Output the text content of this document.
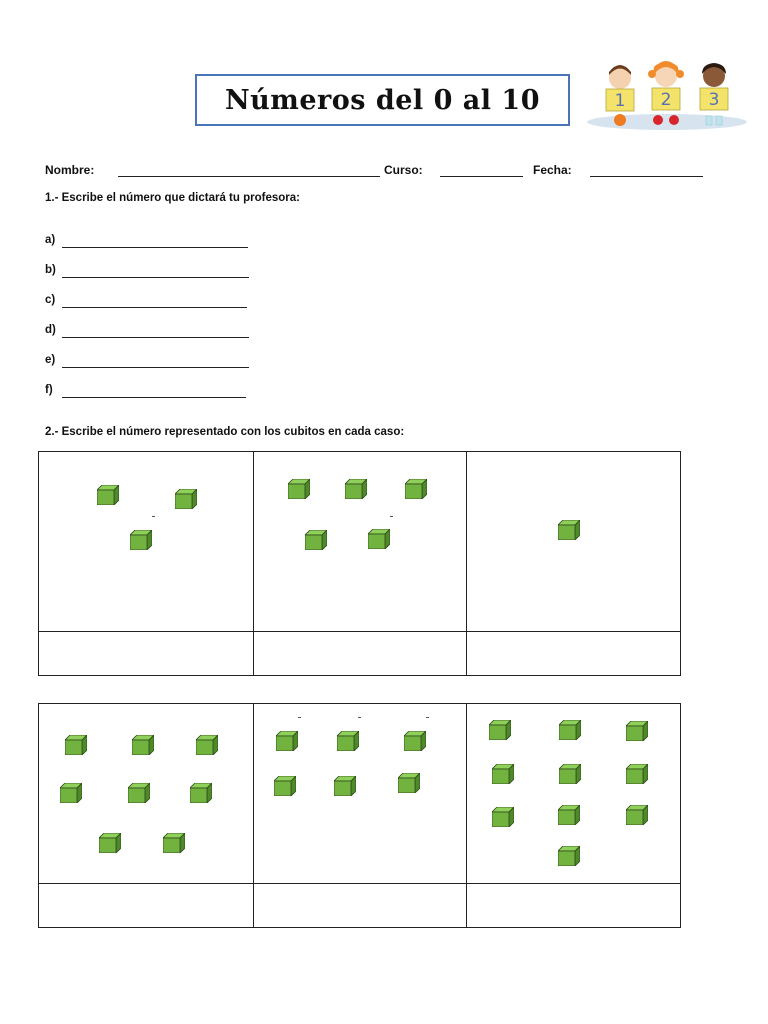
Números del 0 al 10	1 2 3
Nombre:	Curso:	Fecha:
1.- Escribe el número que dictará tu profesora:
a)
b)
c)
d)
e)
f)
2.- Escribe el número representado con los cubitos en cada caso:
